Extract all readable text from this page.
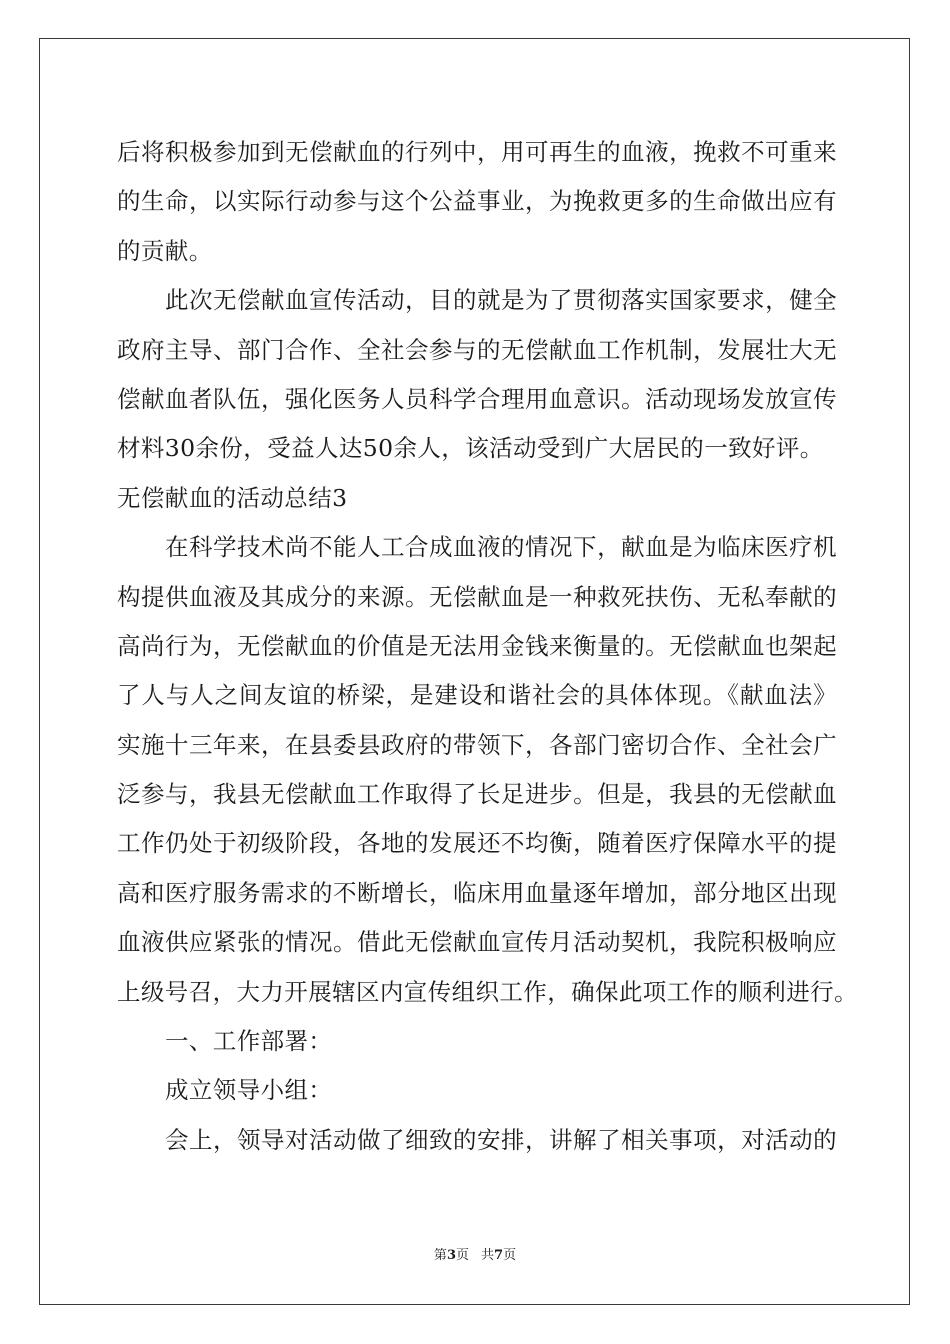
后将积极参加到无偿献血的行列中，用可再生的血液，挽救不可重来
的生命，以实际行动参与这个公益事业，为挽救更多的生命做出应有
的贡献。
此次无偿献血宣传活动，目的就是为了贯彻落实国家要求，健全
政府主导、部门合作、全社会参与的无偿献血工作机制，发展壮大无
偿献血者队伍，强化医务人员科学合理用血意识。活动现场发放宣传
材料30余份，受益人达50余人，该活动受到广大居民的一致好评。
无偿献血的活动总结3
在科学技术尚不能人工合成血液的情况下，献血是为临床医疗机
构提供血液及其成分的来源。无偿献血是一种救死扶伤、无私奉献的
高尚行为，无偿献血的价值是无法用金钱来衡量的。无偿献血也架起
了人与人之间友谊的桥梁，是建设和谐社会的具体体现。《献血法》
实施十三年来，在县委县政府的带领下，各部门密切合作、全社会广
泛参与，我县无偿献血工作取得了长足进步。但是，我县的无偿献血
工作仍处于初级阶段，各地的发展还不均衡，随着医疗保障水平的提
高和医疗服务需求的不断增长，临床用血量逐年增加，部分地区出现
血液供应紧张的情况。借此无偿献血宣传月活动契机，我院积极响应
上级号召，大力开展辖区内宣传组织工作，确保此项工作的顺利进行。
一、工作部署：
成立领导小组：
会上，领导对活动做了细致的安排，讲解了相关事项，对活动的
第3页 共7页
